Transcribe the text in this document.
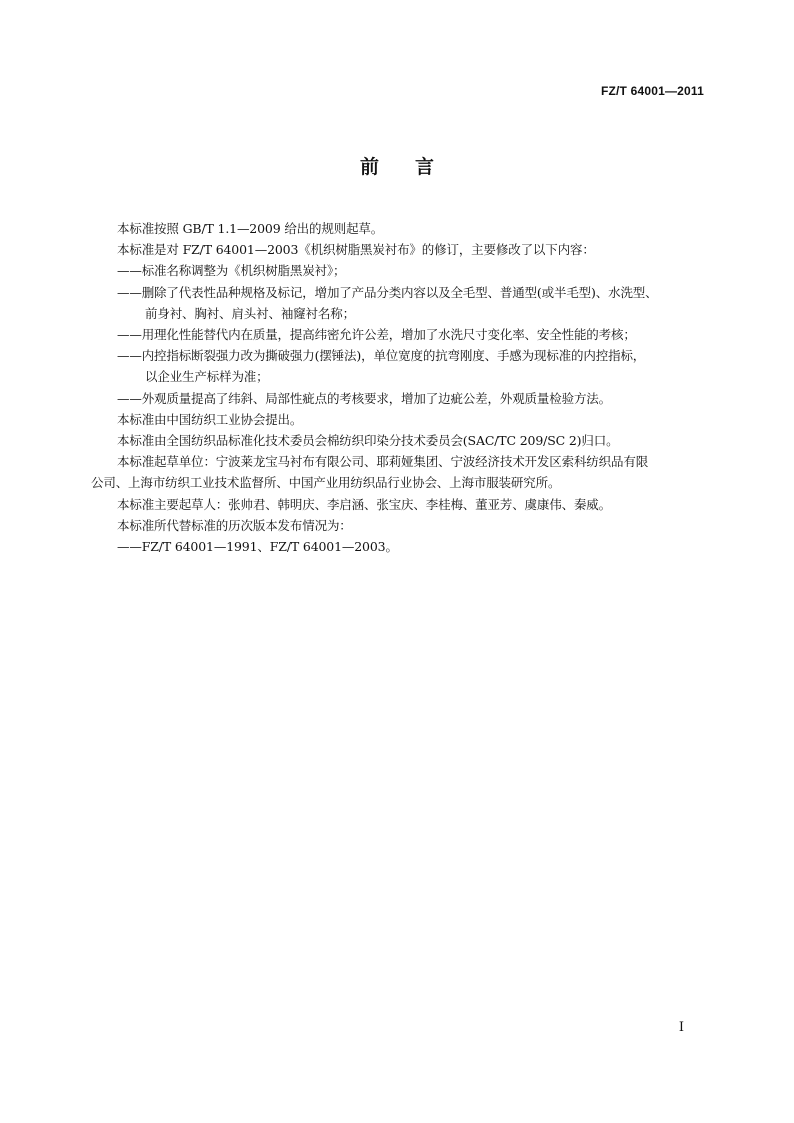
FZ/T 64001—2011
前言
本标准按照 GB/T 1.1—2009 给出的规则起草。
本标准是对 FZ/T 64001—2003《机织树脂黑炭衬布》的修订，主要修改了以下内容：
——标准名称调整为《机织树脂黑炭衬》；
——删除了代表性品种规格及标记，增加了产品分类内容以及全毛型、普通型(或半毛型)、水洗型、
前身衬、胸衬、肩头衬、袖窿衬名称；
——用理化性能替代内在质量，提高纬密允许公差，增加了水洗尺寸变化率、安全性能的考核；
——内控指标断裂强力改为撕破强力(摆锤法)，单位宽度的抗弯刚度、手感为现标准的内控指标，
以企业生产标样为准；
——外观质量提高了纬斜、局部性疵点的考核要求，增加了边疵公差，外观质量检验方法。
本标准由中国纺织工业协会提出。
本标准由全国纺织品标准化技术委员会棉纺织印染分技术委员会(SAC/TC 209/SC 2)归口。
本标准起草单位：宁波莱龙宝马衬布有限公司、耶莉娅集团、宁波经济技术开发区索科纺织品有限
公司、上海市纺织工业技术监督所、中国产业用纺织品行业协会、上海市服装研究所。
本标准主要起草人：张帅君、韩明庆、李启涵、张宝庆、李桂梅、董亚芳、虞康伟、秦威。
本标准所代替标准的历次版本发布情况为：
——FZ/T 64001—1991、FZ/T 64001—2003。
I
